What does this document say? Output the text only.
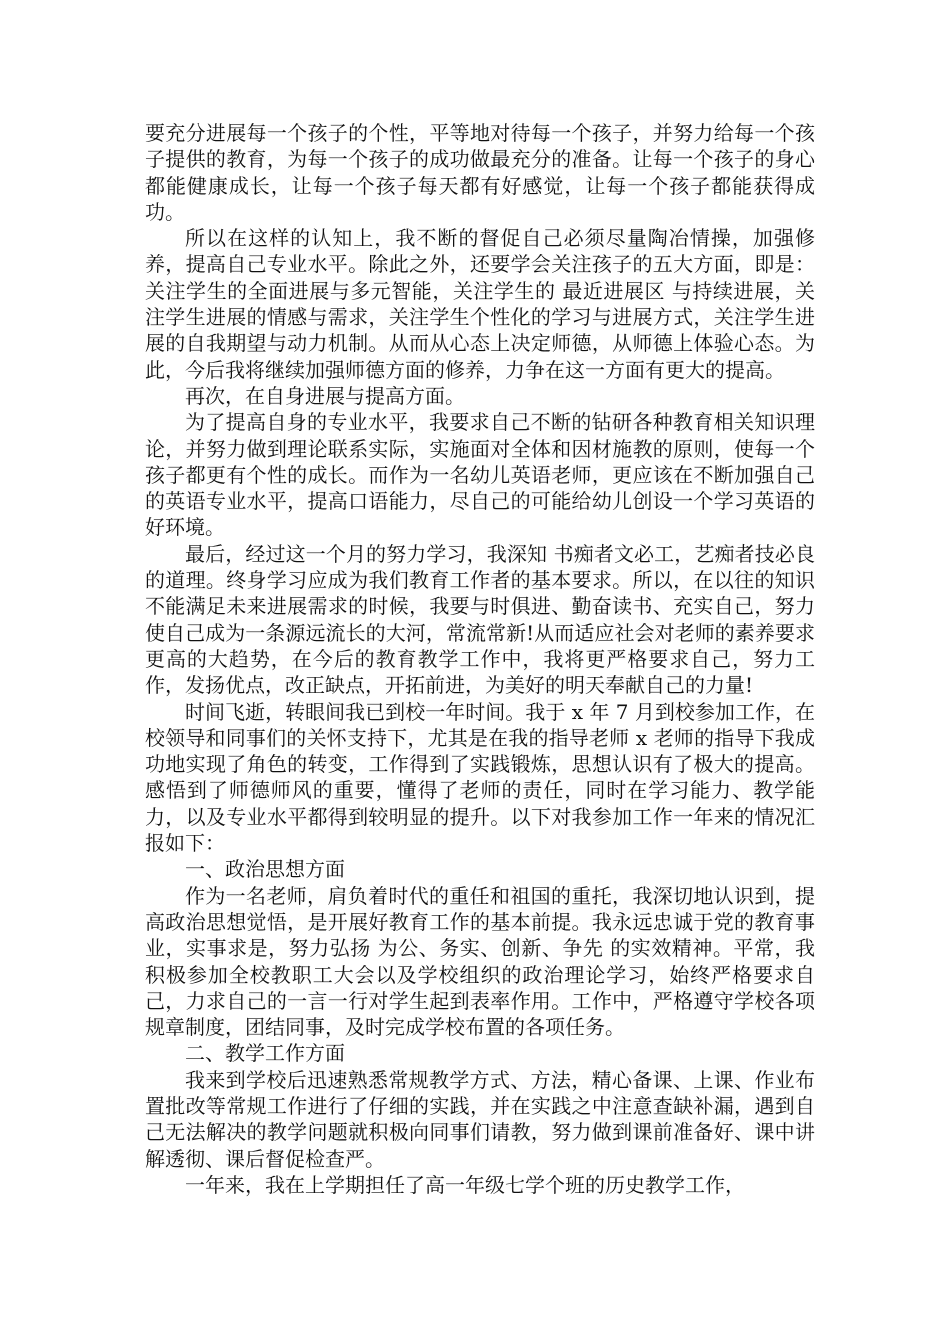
要充分进展每一个孩子的个性，平等地对待每一个孩子，并努力给每一个孩子提供的教育，为每一个孩子的成功做最充分的准备。让每一个孩子的身心都能健康成长，让每一个孩子每天都有好感觉，让每一个孩子都能获得成功。

所以在这样的认知上，我不断的督促自己必须尽量陶冶情操，加强修养，提高自己专业水平。除此之外，还要学会关注孩子的五大方面，即是：关注学生的全面进展与多元智能，关注学生的 最近进展区 与持续进展，关注学生进展的情感与需求，关注学生个性化的学习与进展方式，关注学生进展的自我期望与动力机制。从而从心态上决定师德，从师德上体验心态。为此，今后我将继续加强师德方面的修养，力争在这一方面有更大的提高。

再次，在自身进展与提高方面。

为了提高自身的专业水平，我要求自己不断的钻研各种教育相关知识理论，并努力做到理论联系实际，实施面对全体和因材施教的原则，使每一个孩子都更有个性的成长。而作为一名幼儿英语老师，更应该在不断加强自己的英语专业水平，提高口语能力，尽自己的可能给幼儿创设一个学习英语的好环境。

最后，经过这一个月的努力学习，我深知 书痴者文必工，艺痴者技必良 的道理。终身学习应成为我们教育工作者的基本要求。所以，在以往的知识不能满足未来进展需求的时候，我要与时俱进、勤奋读书、充实自己，努力使自己成为一条源远流长的大河，常流常新!从而适应社会对老师的素养要求更高的大趋势，在今后的教育教学工作中，我将更严格要求自己，努力工作，发扬优点，改正缺点，开拓前进，为美好的明天奉献自己的力量!

时间飞逝，转眼间我已到校一年时间。我于 x 年 7 月到校参加工作，在校领导和同事们的关怀支持下，尤其是在我的指导老师 x 老师的指导下我成功地实现了角色的转变，工作得到了实践锻炼，思想认识有了极大的提高。感悟到了师德师风的重要，懂得了老师的责任，同时在学习能力、教学能力，以及专业水平都得到较明显的提升。以下对我参加工作一年来的情况汇报如下：

一、政治思想方面

作为一名老师，肩负着时代的重任和祖国的重托，我深切地认识到，提高政治思想觉悟，是开展好教育工作的基本前提。我永远忠诚于党的教育事业，实事求是，努力弘扬 为公、务实、创新、争先 的实效精神。平常，我积极参加全校教职工大会以及学校组织的政治理论学习，始终严格要求自己，力求自己的一言一行对学生起到表率作用。工作中，严格遵守学校各项规章制度，团结同事，及时完成学校布置的各项任务。

二、教学工作方面

我来到学校后迅速熟悉常规教学方式、方法，精心备课、上课、作业布置批改等常规工作进行了仔细的实践，并在实践之中注意查缺补漏，遇到自己无法解决的教学问题就积极向同事们请教，努力做到课前准备好、课中讲解透彻、课后督促检查严。

一年来，我在上学期担任了高一年级七学个班的历史教学工作，
